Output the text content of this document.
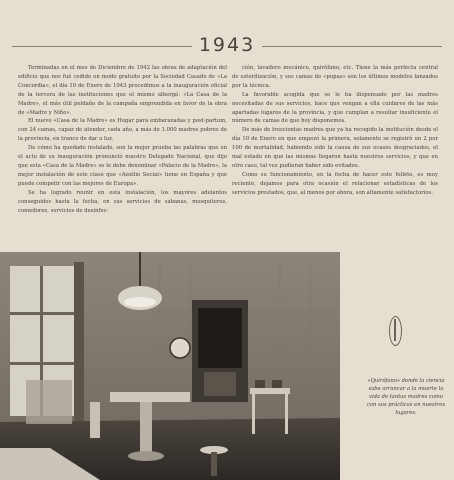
1943

Terminadas en el mes de Diciembre de 1942 las obras de adaptación del edificio que nos fué cedido en modo gratuito por la Sociedad Casado de «La Concordia», el día 10 de Enero de 1943 procedimos a la inauguración oficial de la tercera de las instituciones que el mismo albergó: «La Casa de la Madre», el más útil peldaño de la campaña emprendida en favor de la obra de «Madre y Niño».

El nuevo «Casa de la Madre» es Hogar para embarazadas y post-partum, con 24 camas, capaz de atender, cada año, a más de 1.000 madres pobres de la provincia, en trance de dar a luz.

De cómo ha quedado instalado, son la mejor prueba las palabras que en el acto de su inauguración pronunció nuestro Delegado Nacional, que dijo que esta «Casa de la Madre» se le debe denominar «Palacio de la Madre», la mejor instalación de este clase que «Auxilio Social» tiene en España y que puede competir con las mejores de Europa».

Se ha logrado reunir en esta instalación, los mayores adelantos conseguidos hasta la fecha, en sus servicios de sabanas, mosquiteros, comedores, servicios de desinfec-

ción, lavadero mecánico, quirófano, etc. Tiene la más perfecta central de esterilización, y sus camas de «pupas» son los últimos modelos lanzados por la técnica.

La favorable acogida que se le ha dispensado por las madres necesitadas de sus servicios, hace que vengan a ella cuidares de las más apartadas lugares de la provincia, y que cumplan a resultar insuficiente el número de camas de que hoy disponemos.

De más de trescientas madres que ya ha recogido la institución desde el día 10 de Enero en que empezó la primera, solamente se registró un 2 por 100 de mortalidad, habiendo sido la causa de sus ocasos desgraciados, el mal estado en que las mismas llegaron hasta nuestros servicios, y que en otro caso, tal vez pudieran haber sido evitados.

Como su funcionamiento, en la fecha de hacer este folleto, es muy reciente, dejamos para otra ocasión el relacionar estadísticas de los servicios prestados, que, al menos por ahora, son altamente satisfactorios.

«Quirófano» donde la ciencia sabe arrancar a la muerte la vida de tantas madres como con sus prácticas en nuestros lugares.
